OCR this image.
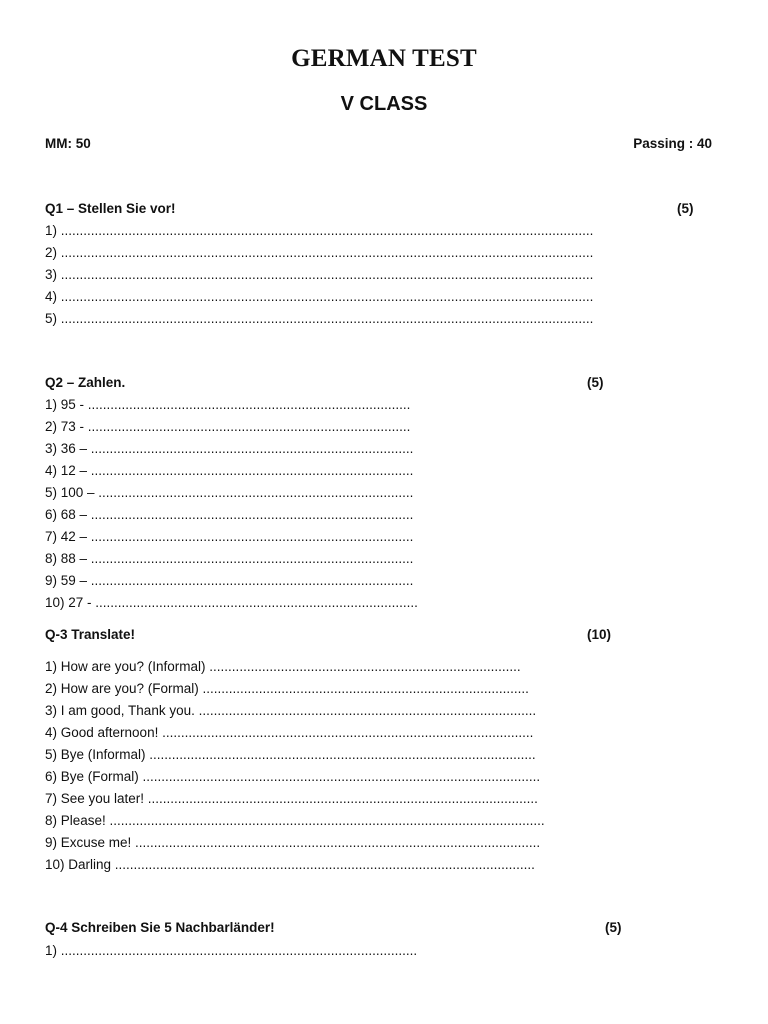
GERMAN TEST
V CLASS
MM: 50	Passing : 40
Q1 – Stellen Sie vor!	(5)
1) ..............................................................................................................................................
2) ..............................................................................................................................................
3) ..............................................................................................................................................
4) ..............................................................................................................................................
5) ..............................................................................................................................................
Q2 – Zahlen.	(5)
1) 95 - ......................................................................................
2) 73 - ......................................................................................
3) 36 – ......................................................................................
4) 12 – ......................................................................................
5) 100 – ....................................................................................
6) 68 – ......................................................................................
7) 42 – ......................................................................................
8) 88 – ......................................................................................
9) 59 – ......................................................................................
10) 27 - ......................................................................................
Q-3 Translate!	(10)
1) How are you? (Informal) ...................................................................................
2) How are you? (Formal) .......................................................................................
3) I am good, Thank you. ..........................................................................................
4) Good afternoon! ...................................................................................................
5) Bye (Informal) .......................................................................................................
6) Bye (Formal) ..........................................................................................................
7) See you later! ........................................................................................................
8) Please! ....................................................................................................................
9) Excuse me! ............................................................................................................
10) Darling ................................................................................................................
Q-4 Schreiben Sie 5 Nachbarländer!	(5)
1) ...............................................................................................
